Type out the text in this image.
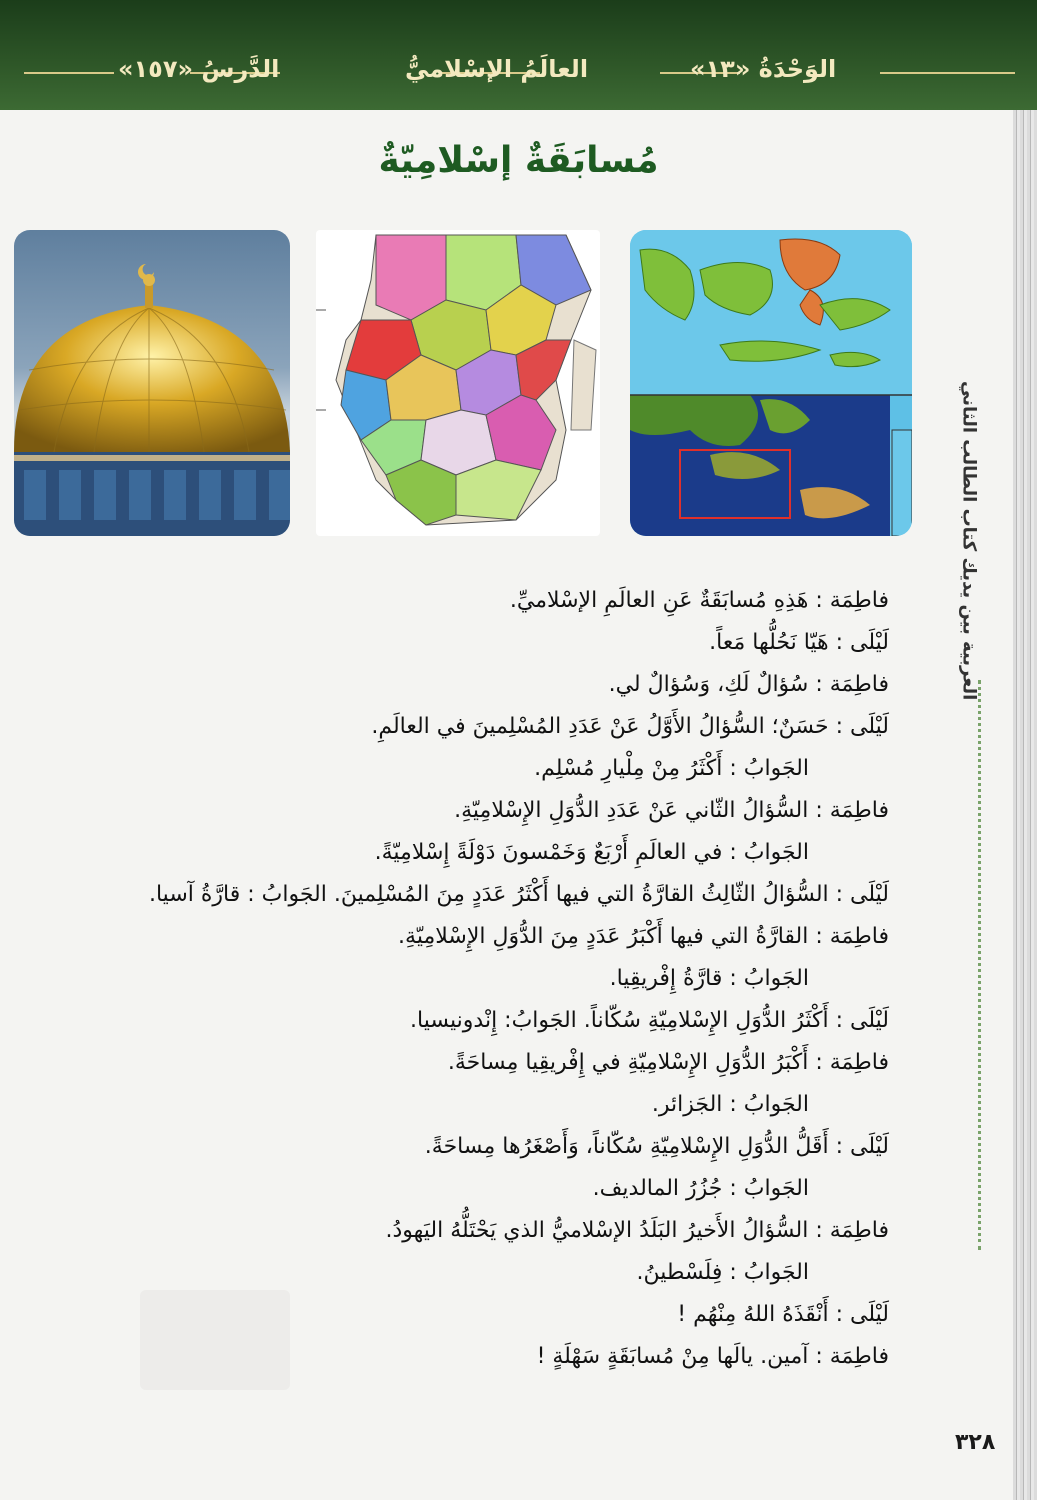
الدَّرسُ «١٥٧»	العالَمُ الإسْلاميُّ	الوَحْدَةُ «١٣»
مُسابَقَةٌ إسْلامِيّةٌ
العربية بين يديك كتاب الطالب الثاني
فاطِمَة : هَذِهِ مُسابَقَةٌ عَنِ العالَمِ الإسْلاميِّ.
لَيْلَى : هَيّا نَحُلُّها مَعاً.
فاطِمَة : سُؤالٌ لَكِ، وَسُؤالٌ لي.
لَيْلَى : حَسَنٌ؛ السُّؤالُ الأَوَّلُ عَنْ عَدَدِ المُسْلِمينَ في العالَمِ.
الجَوابُ : أَكْثَرُ مِنْ مِلْيارِ مُسْلِم.
فاطِمَة : السُّؤالُ الثّاني عَنْ عَدَدِ الدُّوَلِ الإِسْلامِيّةِ.
الجَوابُ : في العالَمِ أَرْبَعٌ وَخَمْسونَ دَوْلَةً إِسْلامِيّةً.
لَيْلَى : السُّؤالُ الثّالِثُ القارَّةُ التي فيها أَكْثَرُ عَدَدٍ مِنَ المُسْلِمينَ. الجَوابُ : قارَّةُ آسيا.
فاطِمَة : القارَّةُ التي فيها أَكْبَرُ عَدَدٍ مِنَ الدُّوَلِ الإِسْلامِيّةِ.
الجَوابُ : قارَّةُ إِفْريقِيا.
لَيْلَى : أَكْثَرُ الدُّوَلِ الإِسْلامِيّةِ سُكّاناً. الجَوابُ: إِنْدونيسيا.
فاطِمَة : أَكْبَرُ الدُّوَلِ الإِسْلامِيّةِ في إِفْريقِيا مِساحَةً.
الجَوابُ : الجَزائر.
لَيْلَى : أَقَلُّ الدُّوَلِ الإِسْلامِيّةِ سُكّاناً، وَأَصْغَرُها مِساحَةً.
الجَوابُ : جُزُرُ المالديف.
فاطِمَة : السُّؤالُ الأَخيرُ البَلَدُ الإسْلاميُّ الذي يَحْتَلُّهُ اليَهودُ.
الجَوابُ : فِلَسْطينُ.
لَيْلَى : أَنْقَذَهُ اللهُ مِنْهُم !
فاطِمَة : آمين. يالَها مِنْ مُسابَقَةٍ سَهْلَةٍ !
٣٢٨
